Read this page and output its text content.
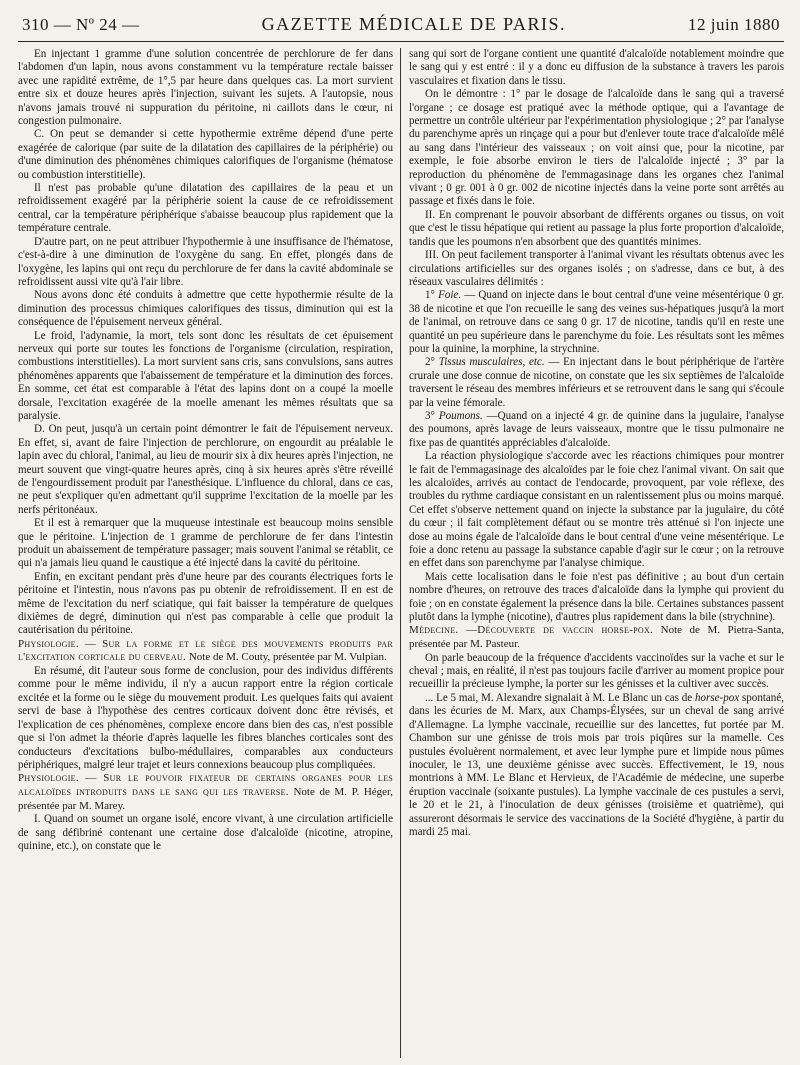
310 — Nº 24 —	GAZETTE MÉDICALE DE PARIS.	12 juin 1880

En injectant 1 gramme d'une solution concentrée de perchlorure de fer dans l'abdomen d'un lapin, nous avons constamment vu la température rectale baisser avec une rapidité extrême, de 1°,5 par heure dans quelques cas. La mort survient entre six et douze heures après l'injection, suivant les sujets. A l'autopsie, nous n'avons jamais trouvé ni suppuration du péritoine, ni caillots dans le cœur, ni congestion pulmonaire.

C. On peut se demander si cette hypothermie extrême dépend d'une perte exagérée de calorique (par suite de la dilatation des capillaires de la périphérie) ou d'une diminution des phénomènes chimiques calorifiques de l'organisme (hématose ou combustion interstitielle).

Il n'est pas probable qu'une dilatation des capillaires de la peau et un refroidissement exagéré par la périphérie soient la cause de ce refroidissement central, car la température périphérique s'abaisse beaucoup plus rapidement que la température centrale.

D'autre part, on ne peut attribuer l'hypothermie à une insuffisance de l'hématose, c'est-à-dire à une diminution de l'oxygène du sang. En effet, plongés dans de l'oxygène, les lapins qui ont reçu du perchlorure de fer dans la cavité abdominale se refroidissent aussi vite qu'à l'air libre.

Nous avons donc été conduits à admettre que cette hypothermie résulte de la diminution des processus chimiques calorifiques des tissus, diminution qui est la conséquence de l'épuisement nerveux général.

Le froid, l'adynamie, la mort, tels sont donc les résultats de cet épuisement nerveux qui porte sur toutes les fonctions de l'organisme (circulation, respiration, combustions interstitielles). La mort survient sans cris, sans convulsions, sans autres phénomènes apparents que l'abaissement de température et la diminution des forces. En somme, cet état est comparable à l'état des lapins dont on a coupé la moelle dorsale, l'excitation exagérée de la moelle amenant les mêmes résultats que sa paralysie.

D. On peut, jusqu'à un certain point démontrer le fait de l'épuisement nerveux. En effet, si, avant de faire l'injection de perchlorure, on engourdit au préalable le lapin avec du chloral, l'animal, au lieu de mourir six à dix heures après l'injection, ne meurt souvent que vingt-quatre heures après, cinq à six heures après s'être réveillé de l'engourdissement produit par l'anesthésique. L'influence du chloral, dans ce cas, ne peut s'expliquer qu'en admettant qu'il supprime l'excitation de la moelle par les nerfs péritonéaux.

Et il est à remarquer que la muqueuse intestinale est beaucoup moins sensible que le péritoine. L'injection de 1 gramme de perchlorure de fer dans l'intestin produit un abaissement de température passager; mais souvent l'animal se rétablit, ce qui n'a jamais lieu quand le caustique a été injecté dans la cavité du péritoine.

Enfin, en excitant pendant près d'une heure par des courants électriques forts le péritoine et l'intestin, nous n'avons pas pu obtenir de refroidissement. Il en est de même de l'excitation du nerf sciatique, qui fait baisser la température de quelques dixièmes de degré, diminution qui n'est pas comparable à celle que produit la cautérisation du péritoine.

Physiologie. — Sur la forme et le siège des mouvements produits par l'excitation corticale du cerveau. Note de M. Couty, présentée par M. Vulpian.

En résumé, dit l'auteur sous forme de conclusion, pour des individus différents comme pour le même individu, il n'y a aucun rapport entre la région corticale excitée et la forme ou le siège du mouvement produit. Les quelques faits qui avaient servi de base à l'hypothèse des centres corticaux doivent donc être révisés, et l'explication de ces phénomènes, complexe encore dans bien des cas, n'est possible que si l'on admet la théorie d'après laquelle les fibres blanches corticales sont des conducteurs d'excitations bulbo-médullaires, comparables aux conducteurs périphériques, malgré leur trajet et leurs connexions beaucoup plus compliquées.

Physiologie. — Sur le pouvoir fixateur de certains organes pour les alcaloïdes introduits dans le sang qui les traverse. Note de M. P. Héger, présentée par M. Marey.

I. Quand on soumet un organe isolé, encore vivant, à une circulation artificielle de sang défibriné contenant une certaine dose d'alcaloïde (nicotine, atropine, quinine, etc.), on constate que le

sang qui sort de l'organe contient une quantité d'alcaloïde notablement moindre que le sang qui y est entré : il y a donc eu diffusion de la substance à travers les parois vasculaires et fixation dans le tissu.

On le démontre : 1° par le dosage de l'alcaloïde dans le sang qui a traversé l'organe ; ce dosage est pratiqué avec la méthode optique, qui a l'avantage de permettre un contrôle ultérieur par l'expérimentation physiologique ; 2° par l'analyse du parenchyme après un rinçage qui a pour but d'enlever toute trace d'alcaloïde mêlé au sang dans l'intérieur des vaisseaux ; on voit ainsi que, pour la nicotine, par exemple, le foie absorbe environ le tiers de l'alcaloïde injecté ; 3° par la reproduction du phénomène de l'emmagasinage dans les organes chez l'animal vivant ; 0 gr. 001 à 0 gr. 002 de nicotine injectés dans la veine porte sont arrêtés au passage et fixés dans le foie.

II. En comprenant le pouvoir absorbant de différents organes ou tissus, on voit que c'est le tissu hépatique qui retient au passage la plus forte proportion d'alcaloïde, tandis que les poumons n'en absorbent que des quantités minimes.

III. On peut facilement transporter à l'animal vivant les résultats obtenus avec les circulations artificielles sur des organes isolés ; on s'adresse, dans ce but, à des réseaux vasculaires délimités :

1° Foie. — Quand on injecte dans le bout central d'une veine mésentérique 0 gr. 38 de nicotine et que l'on recueille le sang des veines sus-hépatiques jusqu'à la mort de l'animal, on retrouve dans ce sang 0 gr. 17 de nicotine, tandis qu'il en reste une quantité un peu supérieure dans le parenchyme du foie. Les résultats sont les mêmes pour la quinine, la morphine, la strychnine.

2° Tissus musculaires, etc. — En injectant dans le bout périphérique de l'artère crurale une dose connue de nicotine, on constate que les six septièmes de l'alcaloïde traversent le réseau des membres inférieurs et se retrouvent dans le sang qui s'écoule par la veine fémorale.

3° Poumons. —Quand on a injecté 4 gr. de quinine dans la jugulaire, l'analyse des poumons, après lavage de leurs vaisseaux, montre que le tissu pulmonaire ne fixe pas de quantités appréciables d'alcaloïde.

La réaction physiologique s'accorde avec les réactions chimiques pour montrer le fait de l'emmagasinage des alcaloïdes par le foie chez l'animal vivant. On sait que les alcaloïdes, arrivés au contact de l'endocarde, provoquent, par voie réflexe, des troubles du rythme cardiaque consistant en un ralentissement plus ou moins marqué. Cet effet s'observe nettement quand on injecte la substance par la jugulaire, du côté du cœur ; il fait complètement défaut ou se montre très atténué si l'on injecte une dose au moins égale de l'alcaloïde dans le bout central d'une veine mésentérique. Le foie a donc retenu au passage la substance capable d'agir sur le cœur ; on la retrouve en effet dans son parenchyme par l'analyse chimique.

Mais cette localisation dans le foie n'est pas définitive ; au bout d'un certain nombre d'heures, on retrouve des traces d'alcaloïde dans la lymphe qui provient du foie ; on en constate également la présence dans la bile. Certaines substances passent plutôt dans la lymphe (nicotine), d'autres plus rapidement dans la bile (strychnine).

Médecine. —Découverte de vaccin horse-pox. Note de M. Pietra-Santa, présentée par M. Pasteur.

On parle beaucoup de la fréquence d'accidents vaccinoïdes sur la vache et sur le cheval ; mais, en réalité, il n'est pas toujours facile d'arriver au moment propice pour recueillir la précieuse lymphe, la porter sur les génisses et la cultiver avec succès.

... Le 5 mai, M. Alexandre signalait à M. Le Blanc un cas de horse-pox spontané, dans les écuries de M. Marx, aux Champs-Élysées, sur un cheval de sang arrivé d'Allemagne. La lymphe vaccinale, recueillie sur des lancettes, fut portée par M. Chambon sur une génisse de trois mois par trois piqûres sur la mamelle. Ces pustules évoluèrent normalement, et avec leur lymphe pure et limpide nous pûmes inoculer, le 13, une deuxième génisse avec succès. Effectivement, le 19, nous montrions à MM. Le Blanc et Hervieux, de l'Académie de médecine, une superbe éruption vaccinale (soixante pustules). La lymphe vaccinale de ces pustules a servi, le 20 et le 21, à l'inoculation de deux génisses (troisième et quatrième), qui assureront désormais le service des vaccinations de la Société d'hygiène, à partir du mardi 25 mai.
